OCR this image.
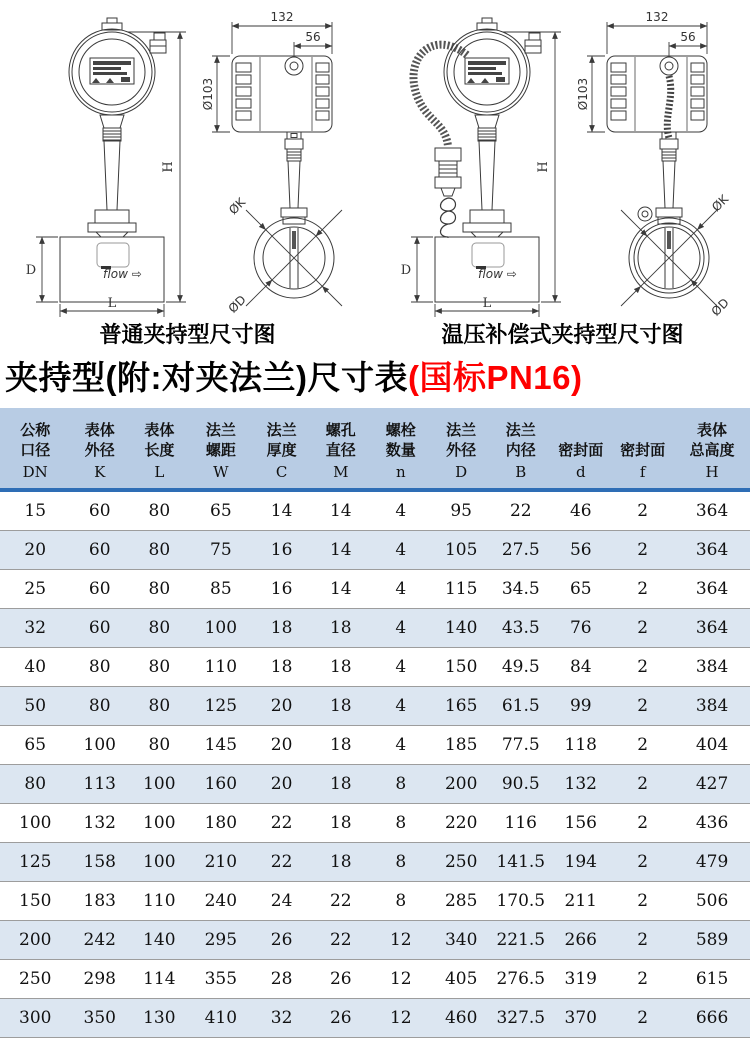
flow ⇨
H
D
L
132
56
Ø103
ØK
ØD
普通夹持型尺寸图
flow ⇨
H
D
L
132
56
Ø103
ØK
ØD
温压补偿式夹持型尺寸图
夹持型(附:对夹法兰)尺寸表(国标PN16)
公称
口径
DN

表体
外径
K

表体
长度
L

法兰
螺距
W

法兰
厚度
C

螺孔
直径
M

螺栓
数量
n

法兰
外径
D

法兰
内径
B

密封面
d

密封面
f

表体
总高度
H

15	60	80	65	14	14	4	95	22	46	2	364
20	60	80	75	16	14	4	105	27.5	56	2	364
25	60	80	85	16	14	4	115	34.5	65	2	364
32	60	80	100	18	18	4	140	43.5	76	2	364
40	80	80	110	18	18	4	150	49.5	84	2	384
50	80	80	125	20	18	4	165	61.5	99	2	384
65	100	80	145	20	18	4	185	77.5	118	2	404
80	113	100	160	20	18	8	200	90.5	132	2	427
100	132	100	180	22	18	8	220	116	156	2	436
125	158	100	210	22	18	8	250	141.5	194	2	479
150	183	110	240	24	22	8	285	170.5	211	2	506
200	242	140	295	26	22	12	340	221.5	266	2	589
250	298	114	355	28	26	12	405	276.5	319	2	615
300	350	130	410	32	26	12	460	327.5	370	2	666
